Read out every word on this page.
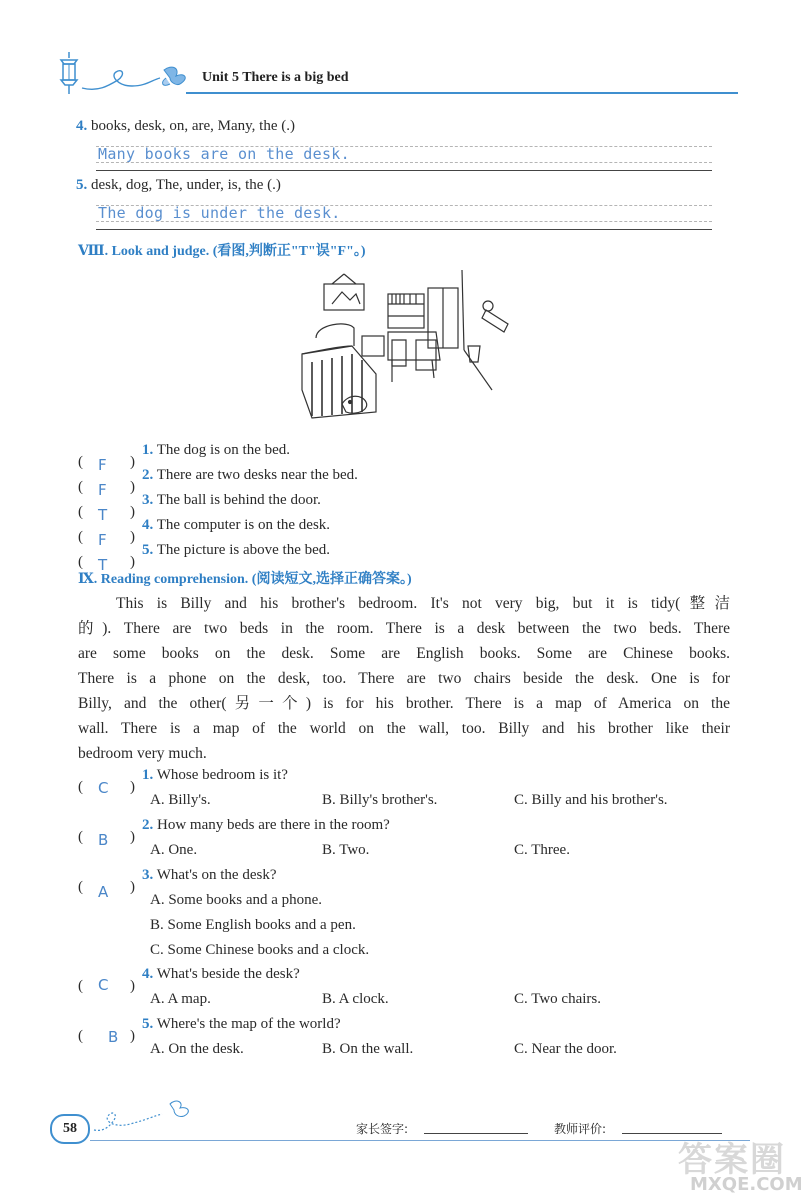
Unit 5 There is a big bed
4. books, desk, on, are, Many, the (.)
Many books are on the desk.
5. desk, dog, The, under, is, the (.)
The dog is under the desk.
Ⅷ. Look and judge. (看图,判断正"T"误"F"。)
( F )
1. The dog is on the bed.
( F )
2. There are two desks near the bed.
( T )
3. The ball is behind the door.
( F )
4. The computer is on the desk.
( T )
5. The picture is above the bed.
Ⅸ. Reading comprehension. (阅读短文,选择正确答案。)
This is Billy and his brother's bedroom. It's not very big, but it is tidy(整洁
的). There are two beds in the room. There is a desk between the two beds. There
are some books on the desk. Some are English books. Some are Chinese books.
There is a phone on the desk, too. There are two chairs beside the desk. One is for
Billy, and the other(另一个) is for his brother. There is a map of America on the
wall. There is a map of the world on the wall, too. Billy and his brother like their
bedroom very much.
( C )
1. Whose bedroom is it?
A. Billy's.	B. Billy's brother's.	C. Billy and his brother's.
( B )
2. How many beds are there in the room?
A. One.	B. Two.	C. Three.
( A )
3. What's on the desk?
A. Some books and a phone.
B. Some English books and a pen.
C. Some Chinese books and a clock.
( C )
4. What's beside the desk?
A. A map.	B. A clock.	C. Two chairs.
( B )
5. Where's the map of the world?
A. On the desk.	B. On the wall.	C. Near the door.
58	家长签字:	教师评价:
答案圈
MXQE.COM
